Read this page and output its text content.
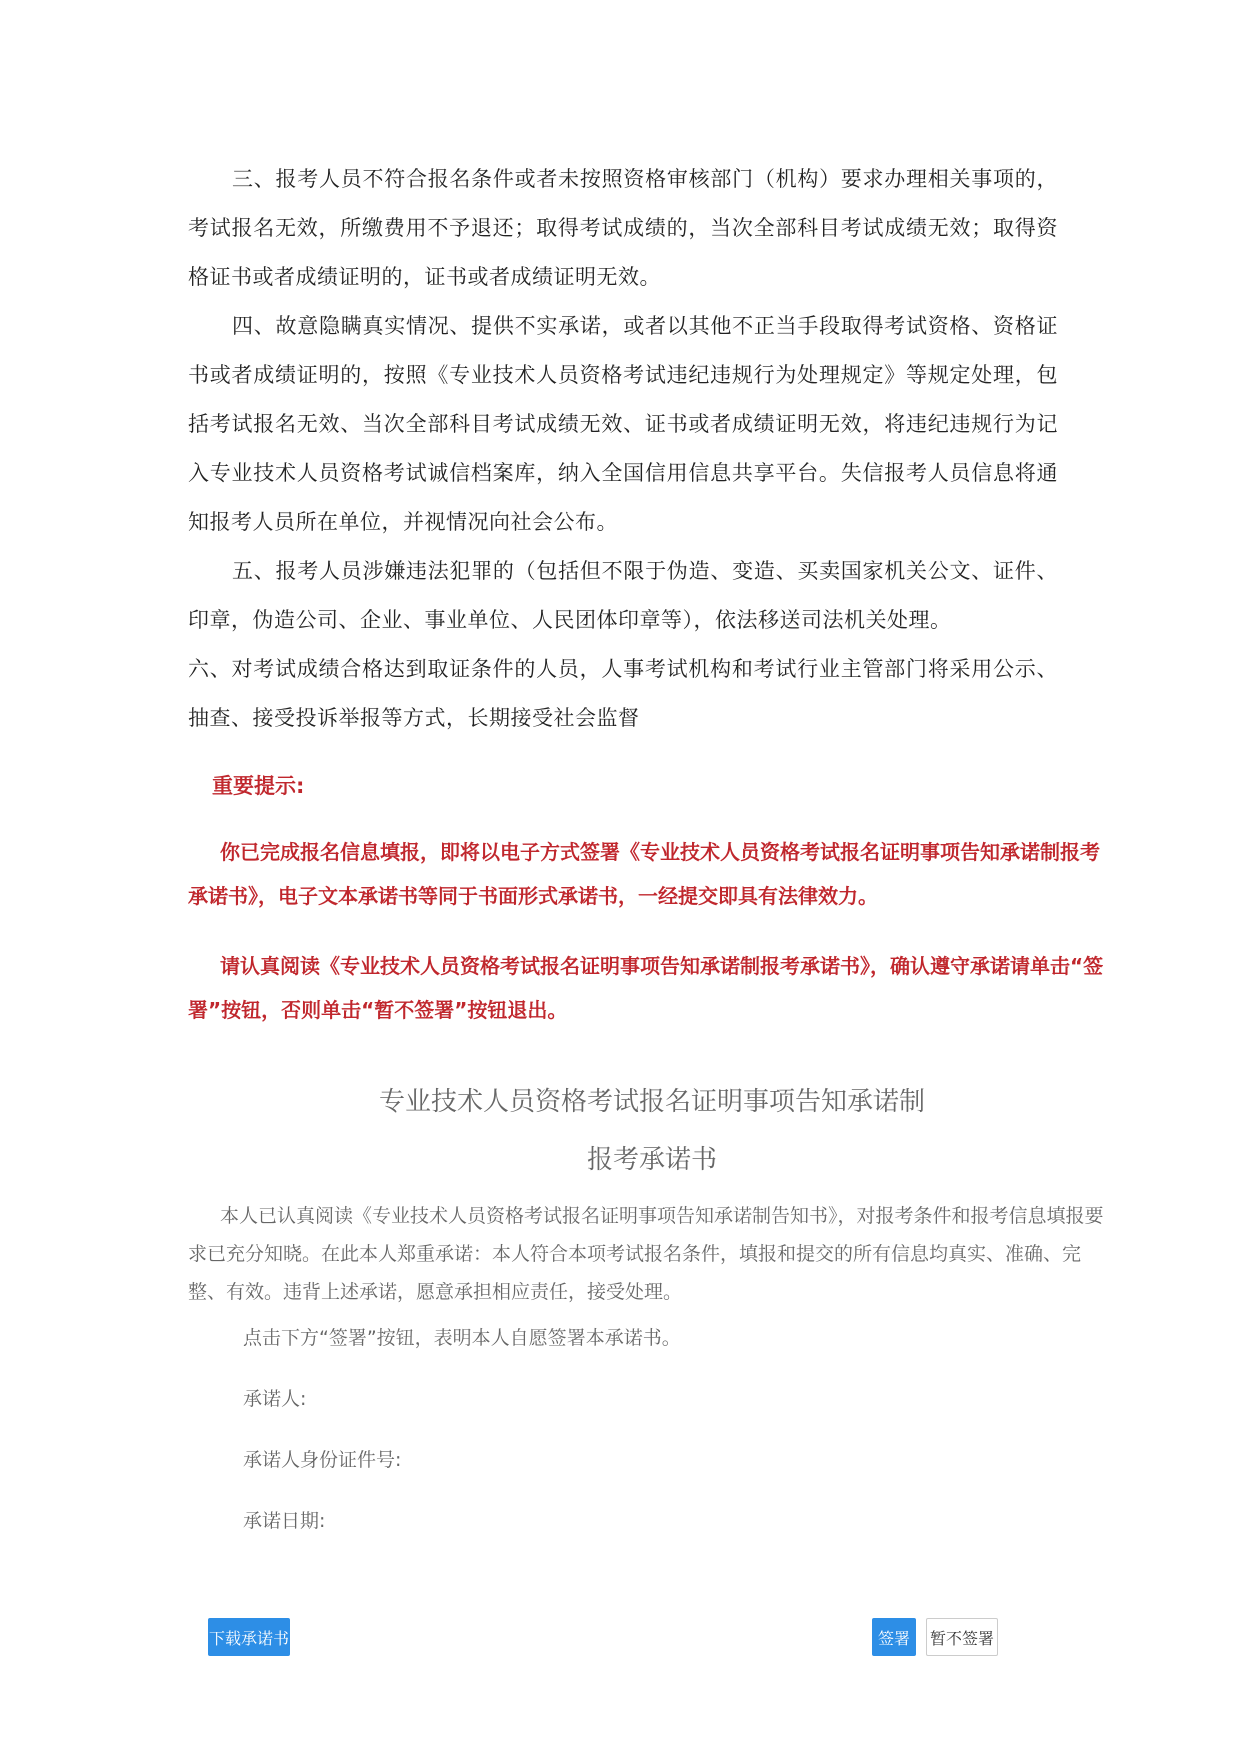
三、报考人员不符合报名条件或者未按照资格审核部门（机构）要求办理相关事项的，考试报名无效，所缴费用不予退还；取得考试成绩的，当次全部科目考试成绩无效；取得资格证书或者成绩证明的，证书或者成绩证明无效。

四、故意隐瞒真实情况、提供不实承诺，或者以其他不正当手段取得考试资格、资格证书或者成绩证明的，按照《专业技术人员资格考试违纪违规行为处理规定》等规定处理，包括考试报名无效、当次全部科目考试成绩无效、证书或者成绩证明无效，将违纪违规行为记入专业技术人员资格考试诚信档案库，纳入全国信用信息共享平台。失信报考人员信息将通知报考人员所在单位，并视情况向社会公布。

五、报考人员涉嫌违法犯罪的（包括但不限于伪造、变造、买卖国家机关公文、证件、印章，伪造公司、企业、事业单位、人民团体印章等），依法移送司法机关处理。

六、对考试成绩合格达到取证条件的人员，人事考试机构和考试行业主管部门将采用公示、抽查、接受投诉举报等方式，长期接受社会监督

重要提示:

你已完成报名信息填报，即将以电子方式签署《专业技术人员资格考试报名证明事项告知承诺制报考承诺书》，电子文本承诺书等同于书面形式承诺书，一经提交即具有法律效力。

请认真阅读《专业技术人员资格考试报名证明事项告知承诺制报考承诺书》，确认遵守承诺请单击“签署”按钮，否则单击“暂不签署”按钮退出。

专业技术人员资格考试报名证明事项告知承诺制
报考承诺书

本人已认真阅读《专业技术人员资格考试报名证明事项告知承诺制告知书》，对报考条件和报考信息填报要求已充分知晓。在此本人郑重承诺：本人符合本项考试报名条件，填报和提交的所有信息均真实、准确、完整、有效。违背上述承诺，愿意承担相应责任，接受处理。

点击下方“签署”按钮，表明本人自愿签署本承诺书。
承诺人:
承诺人身份证件号:
承诺日期:
下载承诺书	签署	暂不签署
